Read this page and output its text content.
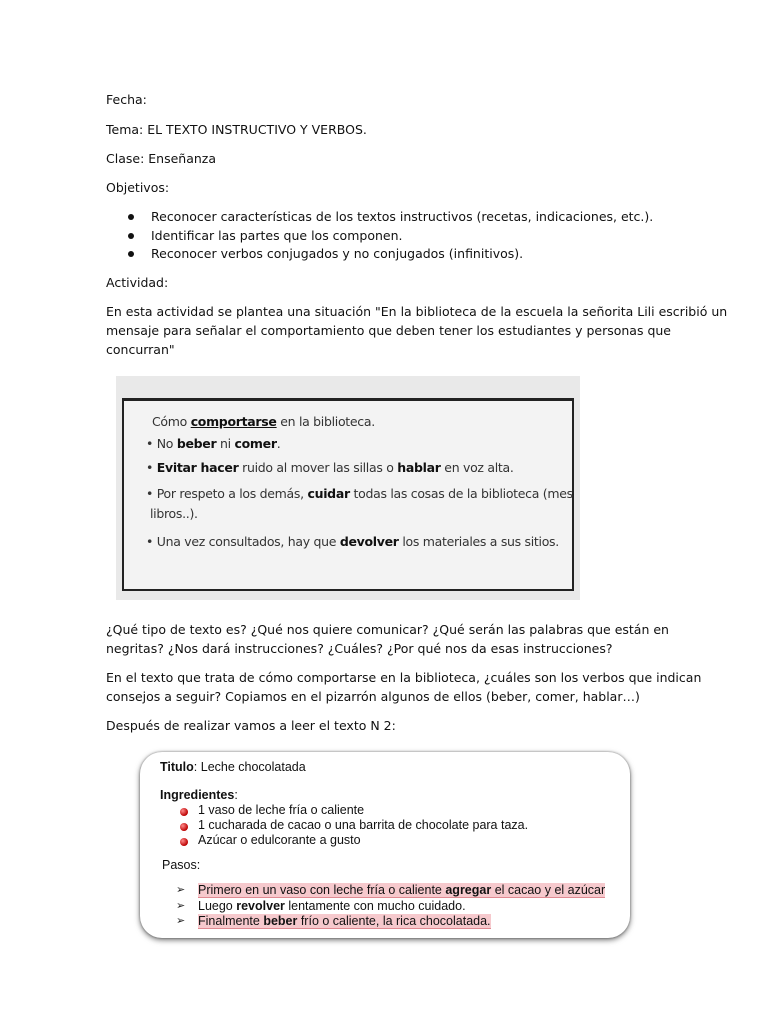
Fecha:
Tema: EL TEXTO INSTRUCTIVO Y VERBOS.
Clase: Enseñanza
Objetivos:
Reconocer características de los textos instructivos (recetas, indicaciones, etc.).
Identificar las partes que los componen.
Reconocer verbos conjugados y no conjugados (infinitivos).
Actividad:
En esta actividad se plantea una situación "En la biblioteca de la escuela la señorita Lili escribió un
mensaje para señalar el comportamiento que deben tener los estudiantes y personas que
concurran"
¿Qué tipo de texto es? ¿Qué nos quiere comunicar? ¿Qué serán las palabras que están en
negritas? ¿Nos dará instrucciones? ¿Cuáles? ¿Por qué nos da esas instrucciones?
En el texto que trata de cómo comportarse en la biblioteca, ¿cuáles son los verbos que indican
consejos a seguir? Copiamos en el pizarrón algunos de ellos (beber, comer, hablar…)
Después de realizar vamos a leer el texto N 2:
Cómo comportarse en la biblioteca.
• No beber ni comer.
• Evitar hacer ruido al mover las sillas o hablar en voz alta.
• Por respeto a los demás, cuidar todas las cosas de la biblioteca (mes
libros..).
• Una vez consultados, hay que devolver los materiales a sus sitios.
Titulo: Leche chocolatada
Ingredientes:
1 vaso de leche fría o caliente
1 cucharada de cacao o una barrita de chocolate para taza.
Azúcar o edulcorante a gusto
Pasos:
➢ Primero en un vaso con leche fría o caliente agregar el cacao y el azúcar
➢ Luego revolver lentamente con mucho cuidado.
➢ Finalmente beber frío o caliente, la rica chocolatada.
